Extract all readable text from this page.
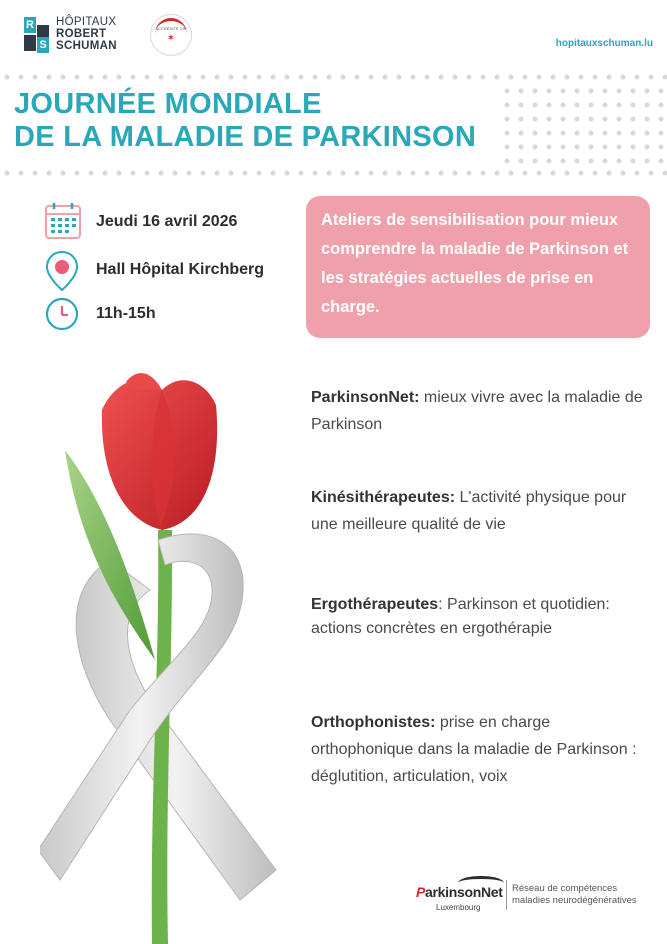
R
S
HÔPITAUX
ROBERT
SCHUMAN
ACCRÉDITÉ CIR
✶	hopitauxschuman.lu
JOURNÉE MONDIALE
DE LA MALADIE DE PARKINSON
Jeudi 16 avril 2026
Hall Hôpital Kirchberg
11h-15h
Ateliers de sensibilisation pour mieux comprendre la maladie de Parkinson et les stratégies actuelles de prise en charge.
ParkinsonNet: mieux vivre avec la maladie de Parkinson
Kinésithérapeutes: L'activité physique pour une meilleure qualité de vie
Ergothérapeutes: Parkinson et quotidien: actions concrètes en ergothérapie
Orthophonistes: prise en charge orthophonique dans la maladie de Parkinson : déglutition, articulation, voix
ParkinsonNet
Luxembourg
Réseau de compétences
maladies neurodégénératives
